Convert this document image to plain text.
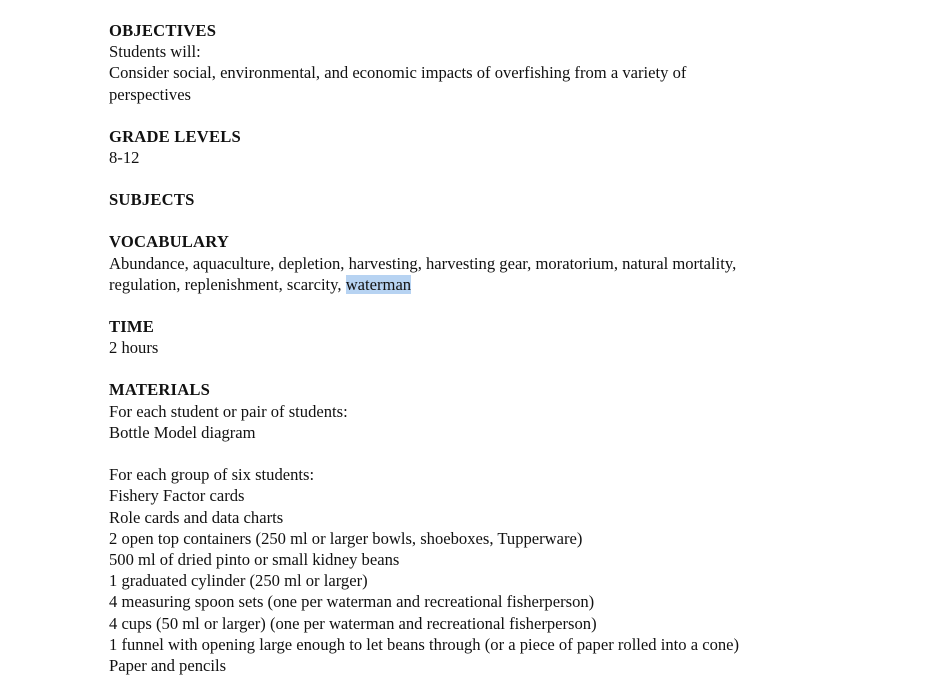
OBJECTIVES
Students will:
Consider social, environmental, and economic impacts of overfishing from a variety of
perspectives
GRADE LEVELS
8-12
SUBJECTS
VOCABULARY
Abundance, aquaculture, depletion, harvesting, harvesting gear, moratorium, natural mortality,
regulation, replenishment, scarcity, waterman
TIME
2 hours
MATERIALS
For each student or pair of students:
Bottle Model diagram
For each group of six students:
Fishery Factor cards
Role cards and data charts
2 open top containers (250 ml or larger bowls, shoeboxes, Tupperware)
500 ml of dried pinto or small kidney beans
1 graduated cylinder (250 ml or larger)
4 measuring spoon sets (one per waterman and recreational fisherperson)
4 cups (50 ml or larger) (one per waterman and recreational fisherperson)
1 funnel with opening large enough to let beans through (or a piece of paper rolled into a cone)
Paper and pencils
